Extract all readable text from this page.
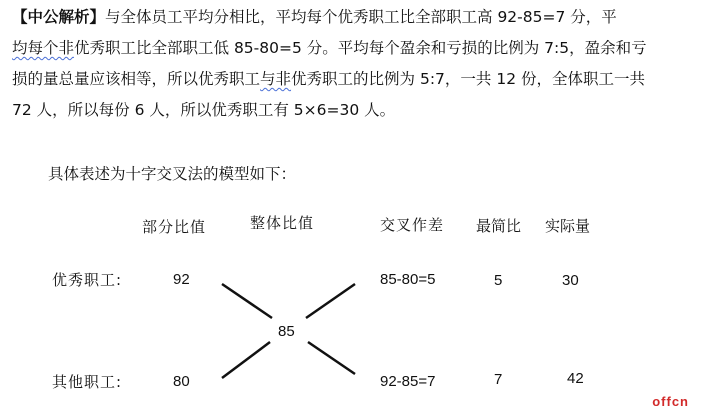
【中公解析】与全体员工平均分相比，平均每个优秀职工比全部职工高 92-85=7 分，平
均每个非优秀职工比全部职工低 85-80=5 分。平均每个盈余和亏损的比例为 7:5，盈余和亏
损的量总量应该相等，所以优秀职工与非优秀职工的比例为 5:7，一共 12 份，全体职工一共
72 人，所以每份 6 人，所以优秀职工有 5×6=30 人。
具体表述为十字交叉法的模型如下：
部分比值	整体比值	交叉作差 最简比 实际量
优秀职工:	92	85-80=5	5	30
85
其他职工:	80	92-85=7	7	42
offcn
